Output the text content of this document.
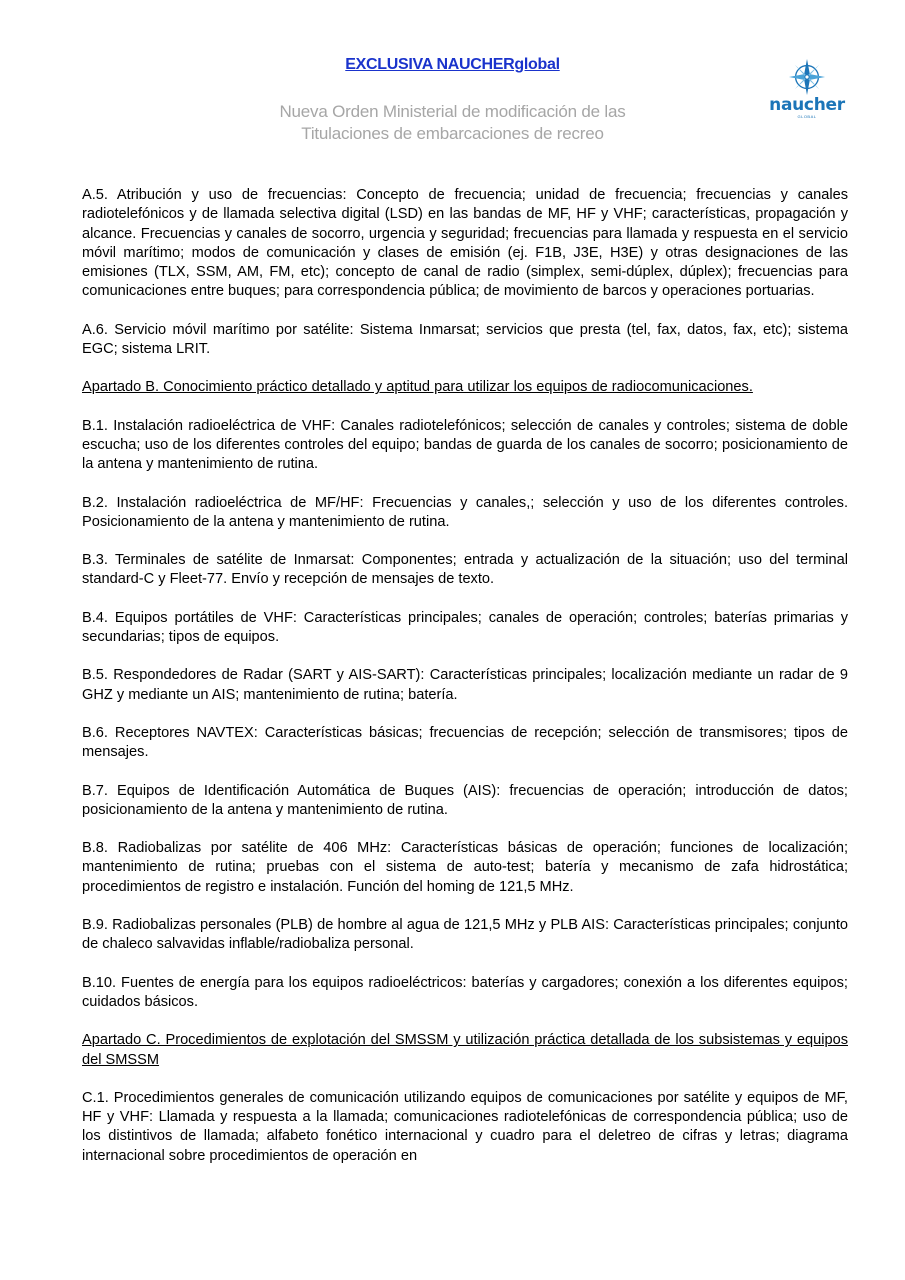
EXCLUSIVA NAUCHERglobal
Nueva Orden Ministerial de modificación de las
Titulaciones de embarcaciones de recreo
naucher
GLOBAL

A.5. Atribución y uso de frecuencias: Concepto de frecuencia; unidad de frecuencia; frecuencias y canales radiotelefónicos y de llamada selectiva digital (LSD) en las bandas de MF, HF y VHF; características, propagación y alcance. Frecuencias y canales de socorro, urgencia y seguridad; frecuencias para llamada y respuesta en el servicio móvil marítimo; modos de comunicación y clases de emisión (ej. F1B, J3E, H3E) y otras designaciones de las emisiones (TLX, SSM, AM, FM, etc); concepto de canal de radio (simplex, semi-dúplex, dúplex); frecuencias para comunicaciones entre buques; para correspondencia pública; de movimiento de barcos y operaciones portuarias.

A.6. Servicio móvil marítimo por satélite: Sistema Inmarsat; servicios que presta (tel, fax, datos, fax, etc); sistema EGC; sistema LRIT.

Apartado B. Conocimiento práctico detallado y aptitud para utilizar los equipos de radiocomunicaciones.

B.1. Instalación radioeléctrica de VHF: Canales radiotelefónicos; selección de canales y controles; sistema de doble escucha; uso de los diferentes controles del equipo; bandas de guarda de los canales de socorro; posicionamiento de la antena y mantenimiento de rutina.

B.2. Instalación radioeléctrica de MF/HF: Frecuencias y canales,; selección y uso de los diferentes controles. Posicionamiento de la antena y mantenimiento de rutina.

B.3. Terminales de satélite de Inmarsat: Componentes; entrada y actualización de la situación; uso del terminal standard-C y Fleet-77. Envío y recepción de mensajes de texto.

B.4. Equipos portátiles de VHF: Características principales; canales de operación; controles; baterías primarias y secundarias; tipos de equipos.

B.5. Respondedores de Radar (SART y AIS-SART): Características principales; localización mediante un radar de 9 GHZ y mediante un AIS; mantenimiento de rutina; batería.

B.6. Receptores NAVTEX: Características básicas; frecuencias de recepción; selección de transmisores; tipos de mensajes.

B.7. Equipos de Identificación Automática de Buques (AIS): frecuencias de operación; introducción de datos; posicionamiento de la antena y mantenimiento de rutina.

B.8. Radiobalizas por satélite de 406 MHz: Características básicas de operación; funciones de localización; mantenimiento de rutina; pruebas con el sistema de auto-test; batería y mecanismo de zafa hidrostática; procedimientos de registro e instalación. Función del homing de 121,5 MHz.

B.9. Radiobalizas personales (PLB) de hombre al agua de 121,5 MHz y PLB AIS: Características principales; conjunto de chaleco salvavidas inflable/radiobaliza personal.

B.10. Fuentes de energía para los equipos radioeléctricos: baterías y cargadores; conexión a los diferentes equipos; cuidados básicos.

Apartado C. Procedimientos de explotación del SMSSM y utilización práctica detallada de los subsistemas y equipos del SMSSM

C.1. Procedimientos generales de comunicación utilizando equipos de comunicaciones por satélite y equipos de MF, HF y VHF: Llamada y respuesta a la llamada; comunicaciones radiotelefónicas de correspondencia pública; uso de los distintivos de llamada; alfabeto fonético internacional y cuadro para el deletreo de cifras y letras; diagrama internacional sobre procedimientos de operación en
